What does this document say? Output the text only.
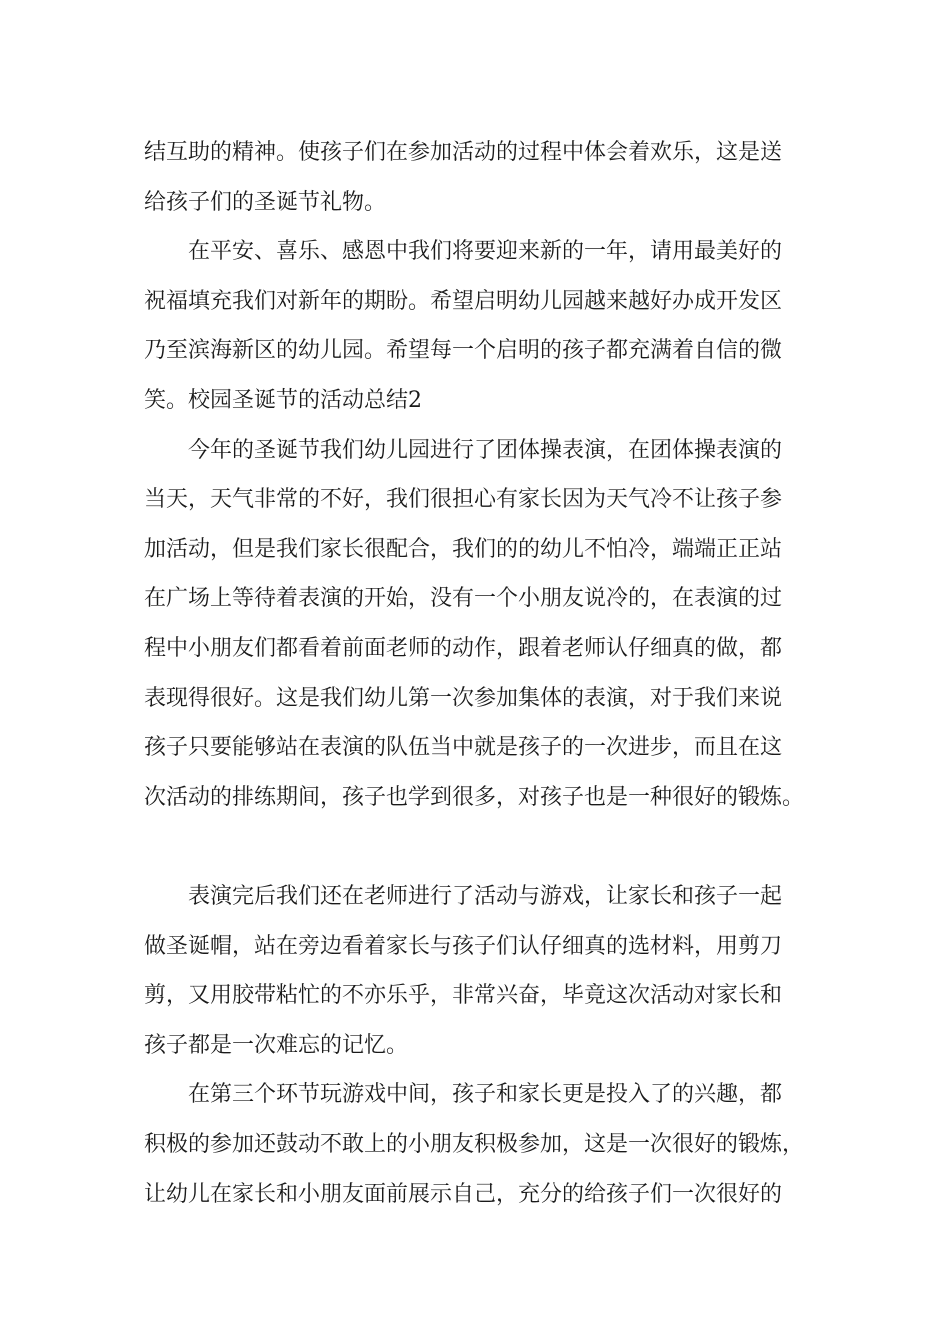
结互助的精神。使孩子们在参加活动的过程中体会着欢乐，这是送
给孩子们的圣诞节礼物。
在平安、喜乐、感恩中我们将要迎来新的一年，请用最美好的
祝福填充我们对新年的期盼。希望启明幼儿园越来越好办成开发区
乃至滨海新区的幼儿园。希望每一个启明的孩子都充满着自信的微
笑。校园圣诞节的活动总结2
今年的圣诞节我们幼儿园进行了团体操表演，在团体操表演的
当天，天气非常的不好，我们很担心有家长因为天气冷不让孩子参
加活动，但是我们家长很配合，我们的的幼儿不怕冷，端端正正站
在广场上等待着表演的开始，没有一个小朋友说冷的，在表演的过
程中小朋友们都看着前面老师的动作，跟着老师认仔细真的做，都
表现得很好。这是我们幼儿第一次参加集体的表演，对于我们来说
孩子只要能够站在表演的队伍当中就是孩子的一次进步，而且在这
次活动的排练期间，孩子也学到很多，对孩子也是一种很好的锻炼。
表演完后我们还在老师进行了活动与游戏，让家长和孩子一起
做圣诞帽，站在旁边看着家长与孩子们认仔细真的选材料，用剪刀
剪，又用胶带粘忙的不亦乐乎，非常兴奋，毕竟这次活动对家长和
孩子都是一次难忘的记忆。
在第三个环节玩游戏中间，孩子和家长更是投入了的兴趣，都
积极的参加还鼓动不敢上的小朋友积极参加，这是一次很好的锻炼，
让幼儿在家长和小朋友面前展示自己，充分的给孩子们一次很好的
